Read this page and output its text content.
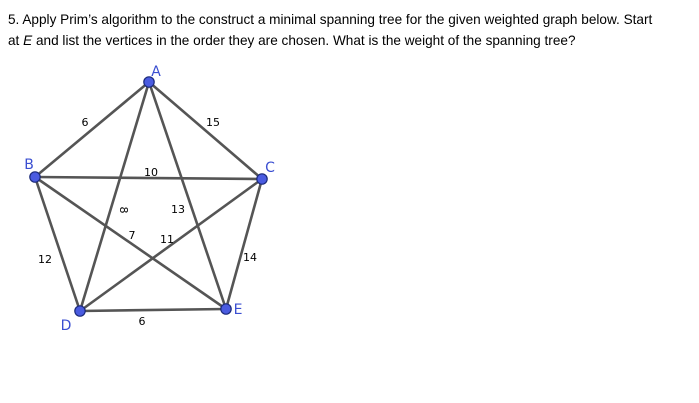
5. Apply Prim’s algorithm to the construct a minimal spanning tree for the given weighted graph below. Start
at E and list the vertices in the order they are chosen. What is the weight of the spanning tree?
6	15
10
8	13
11
7
12	14
9
A
B	C
D
E
